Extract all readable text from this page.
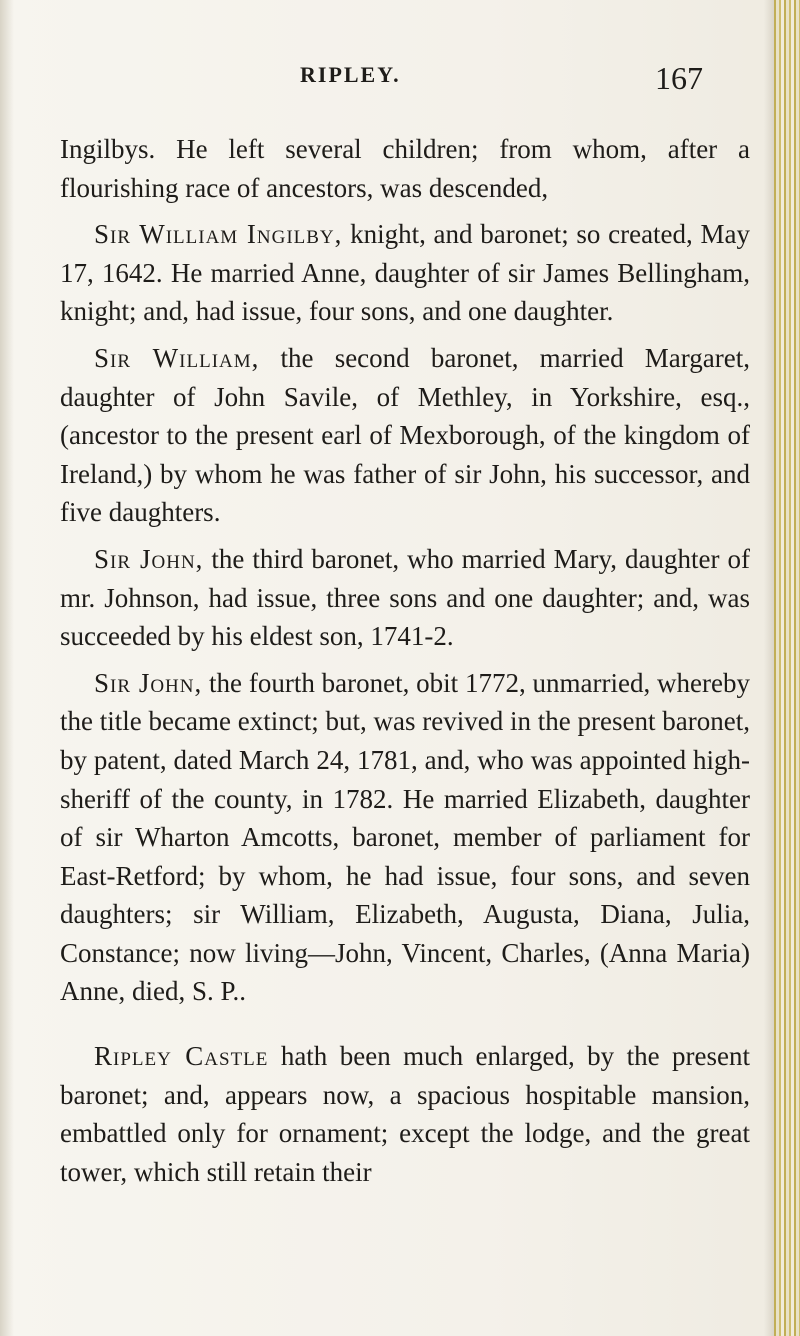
RIPLEY.	167

Ingilbys. He left several children; from whom, after a flourishing race of ancestors, was descended,

Sir William Ingilby, knight, and baronet; so created, May 17, 1642. He married Anne, daughter of sir James Bellingham, knight; and, had issue, four sons, and one daughter.

Sir William, the second baronet, married Margaret, daughter of John Savile, of Methley, in Yorkshire, esq., (ancestor to the present earl of Mexborough, of the kingdom of Ireland,) by whom he was father of sir John, his successor, and five daughters.

Sir John, the third baronet, who married Mary, daughter of mr. Johnson, had issue, three sons and one daughter; and, was succeeded by his eldest son, 1741-2.

Sir John, the fourth baronet, obit 1772, unmarried, whereby the title became extinct; but, was revived in the present baronet, by patent, dated March 24, 1781, and, who was appointed high-sheriff of the county, in 1782. He married Elizabeth, daughter of sir Wharton Amcotts, baronet, member of parliament for East-Retford; by whom, he had issue, four sons, and seven daughters; sir William, Elizabeth, Augusta, Diana, Julia, Constance; now living—John, Vincent, Charles, (Anna Maria) Anne, died, S. P..

Ripley Castle hath been much enlarged, by the present baronet; and, appears now, a spacious hospitable mansion, embattled only for ornament; except the lodge, and the great tower, which still retain their
